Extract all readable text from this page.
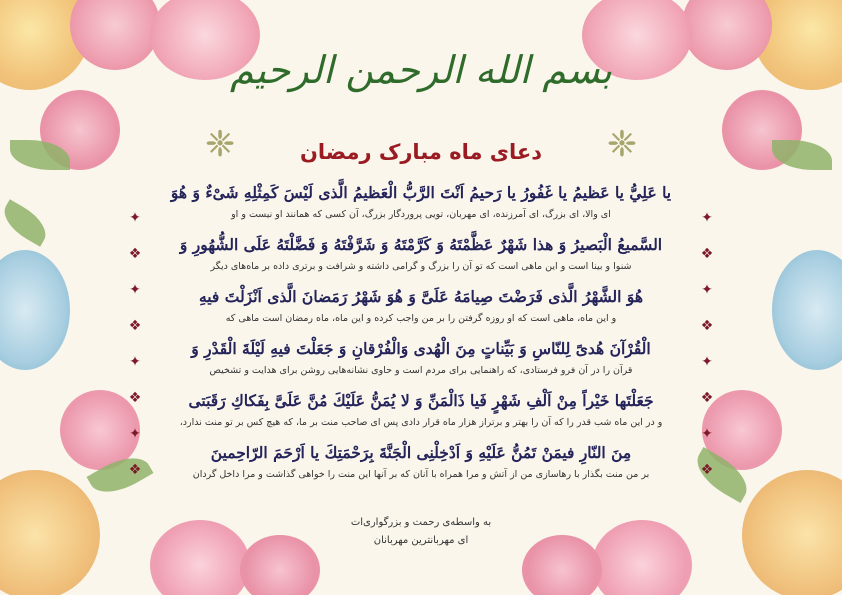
✦
❖
✦
❖
✦
❖
✦
❖
✦
❖
✦
❖
✦
❖
✦
❖
بسم الله الرحمن الرحیم
❈	❈
دعای ماه مبارک رمضان
يا عَلِيُّ يا عَظيمُ يا غَفُورُ يا رَحيمُ اَنْتَ الرَّبُّ الْعَظيمُ الَّذى لَيْسَ كَمِثْلِهِ شَىْءٌ وَ هُوَ
ای والا، ای بزرگ، ای آمرزنده، ای مهربان، تویی پروردگار بزرگ، آن کسی که همانند او نیست و او
السَّميعُ الْبَصيرُ وَ هذا شَهْرٌ عَظَّمْتَهُ وَ كَرَّمْتَهُ وَ شَرَّفْتَهُ وَ فَضَّلْتَهُ عَلَى الشُّهُورِ وَ
شنوا و بینا است و این ماهی است که تو آن را بزرگ و گرامی داشته و شرافت و برتری داده بر ماه‌های دیگر
هُوَ الشَّهْرُ الَّذى فَرَضْتَ صِيامَهُ عَلَىَّ وَ هُوَ شَهْرُ رَمَضانَ الَّذى اَنْزَلْتَ فيهِ
و این ماه، ماهی است که او روزه گرفتن را بر من واجب کرده و این ماه، ماه رمضان است ماهی که
الْقُرْآنَ هُدىً لِلنّاسِ وَ بَيِّناتٍ مِنَ الْهُدى وَالْفُرْقانِ وَ جَعَلْتَ فيهِ لَيْلَةَ الْقَدْرِ وَ
قرآن را در آن فرو فرستادی، که راهنمایی برای مردم است و حاوی نشانه‌هایی روشن برای هدایت و تشخیص
جَعَلْتَها خَيْراً مِنْ اَلْفِ شَهْرٍ فَيا ذَالْمَنِّ وَ لا يُمَنُّ عَلَيْكَ مُنَّ عَلَىَّ بِفَكاكِ رَقَبَتى
و در این ماه شب قدر را که آن را بهتر و برتراز هزار ماه قرار دادی پس ای صاحب منت بر ما، که هیچ کس بر تو منت ندارد،
مِنَ النّارِ فيمَنْ تَمُنُّ عَلَيْهِ وَ اَدْخِلْنِى الْجَنَّةَ بِرَحْمَتِكَ يا اَرْحَمَ الرّاحِمينَ
بر من منت بگذار با رهاسازی من از آتش و مرا همراه با آنان که بر آنها این منت را خواهی گذاشت و مرا داخل گردان
به واسطه‌ی رحمت و بزرگواری‌ات
ای مهربانترین مهربانان
